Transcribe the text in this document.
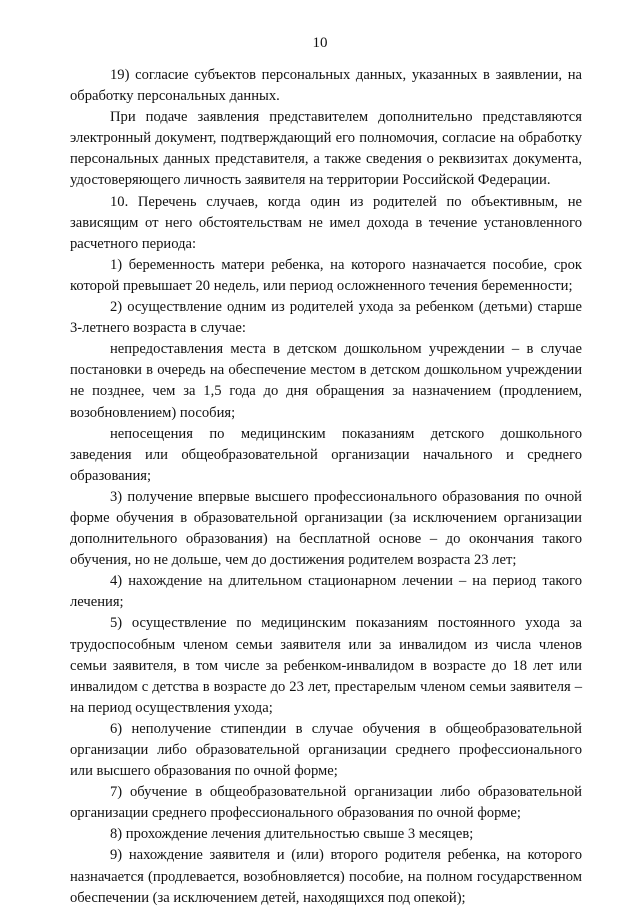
10

19) согласие субъектов персональных данных, указанных в заявлении, на обработку персональных данных.

При подаче заявления представителем дополнительно представляются электронный документ, подтверждающий его полномочия, согласие на обработку персональных данных представителя, а также сведения о реквизитах документа, удостоверяющего личность заявителя на территории Российской Федерации.

10. Перечень случаев, когда один из родителей по объективным, не зависящим от него обстоятельствам не имел дохода в течение установленного расчетного периода:

1) беременность матери ребенка, на которого назначается пособие, срок которой превышает 20 недель, или период осложненного течения беременности;

2) осуществление одним из родителей ухода за ребенком (детьми) старше 3-летнего возраста в случае:

непредоставления места в детском дошкольном учреждении – в случае постановки в очередь на обеспечение местом в детском дошкольном учреждении не позднее, чем за 1,5 года до дня обращения за назначением (продлением, возобновлением) пособия;

непосещения по медицинским показаниям детского дошкольного заведения или общеобразовательной организации начального и среднего образования;

3) получение впервые высшего профессионального образования по очной форме обучения в образовательной организации (за исключением организации дополнительного образования) на бесплатной основе – до окончания такого обучения, но не дольше, чем до достижения родителем возраста 23 лет;

4) нахождение на длительном стационарном лечении – на период такого лечения;

5) осуществление по медицинским показаниям постоянного ухода за трудоспособным членом семьи заявителя или за инвалидом из числа членов семьи заявителя, в том числе за ребенком-инвалидом в возрасте до 18 лет или инвалидом с детства в возрасте до 23 лет, престарелым членом семьи заявителя – на период осуществления ухода;

6) неполучение стипендии в случае обучения в общеобразовательной организации либо образовательной организации среднего профессионального или высшего образования по очной форме;

7) обучение в общеобразовательной организации либо образовательной организации среднего профессионального образования по очной форме;

8) прохождение лечения длительностью свыше 3 месяцев;

9) нахождение заявителя и (или) второго родителя ребенка, на которого назначается (продлевается, возобновляется) пособие, на полном государственном обеспечении (за исключением детей, находящихся под опекой);
